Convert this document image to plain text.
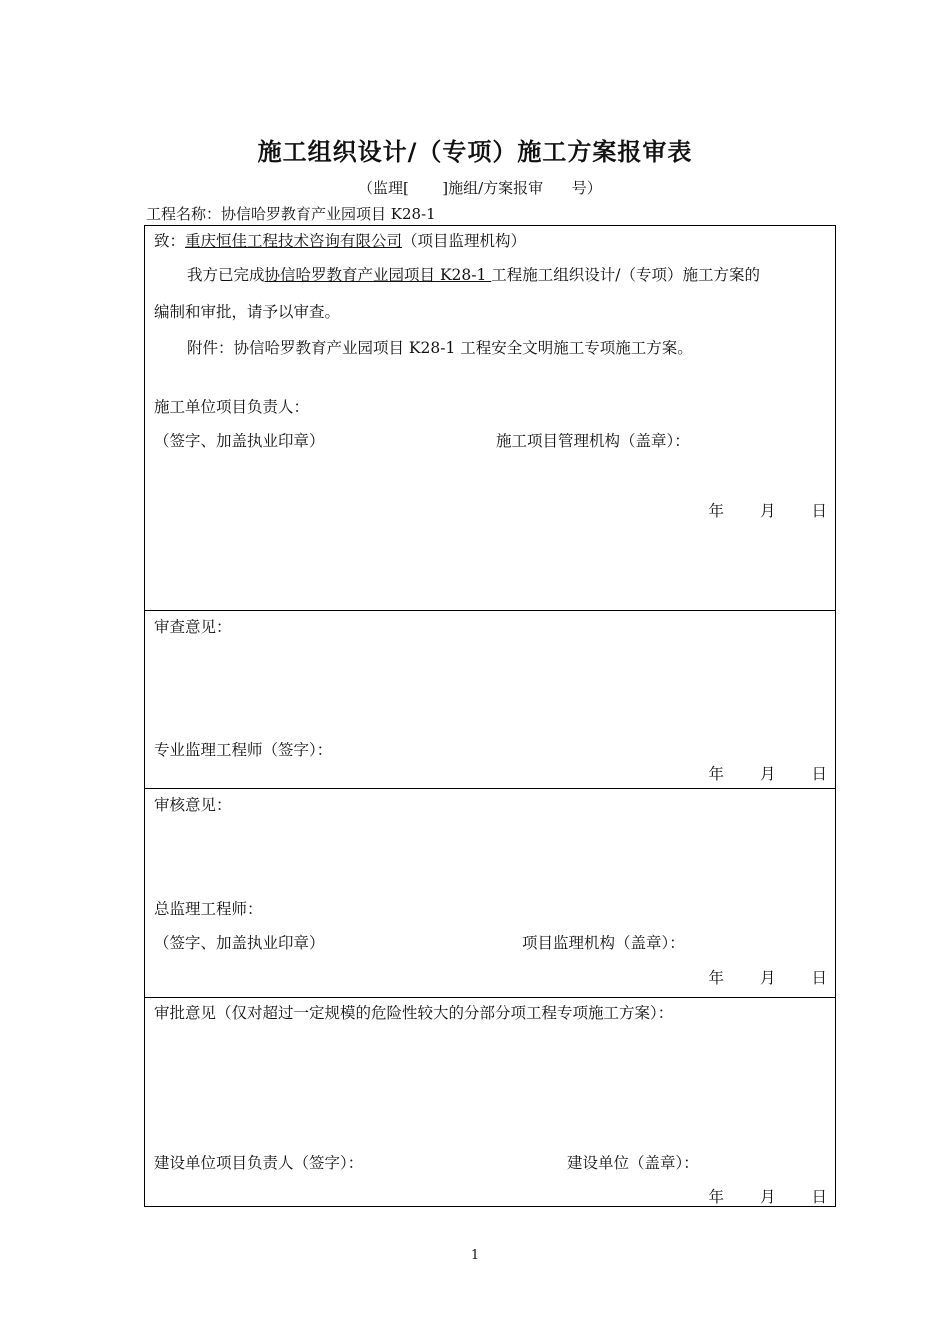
施工组织设计/（专项）施工方案报审表
（监理[       ]施组/方案报审      号）
工程名称：协信哈罗教育产业园项目 K28-1
致：重庆恒佳工程技术咨询有限公司（项目监理机构）
我方已完成协信哈罗教育产业园项目 K28-1 工程施工组织设计/（专项）施工方案的
编制和审批，请予以审查。
附件：协信哈罗教育产业园项目 K28-1 工程安全文明施工专项施工方案。
施工单位项目负责人：
（签字、加盖执业印章）	施工项目管理机构（盖章）：
年 月 日
审查意见：
专业监理工程师（签字）：
年 月 日
审核意见：
总监理工程师：
（签字、加盖执业印章）	项目监理机构（盖章）：
年 月 日
审批意见（仅对超过一定规模的危险性较大的分部分项工程专项施工方案）：
建设单位项目负责人（签字）：	建设单位（盖章）：
年 月 日
1
